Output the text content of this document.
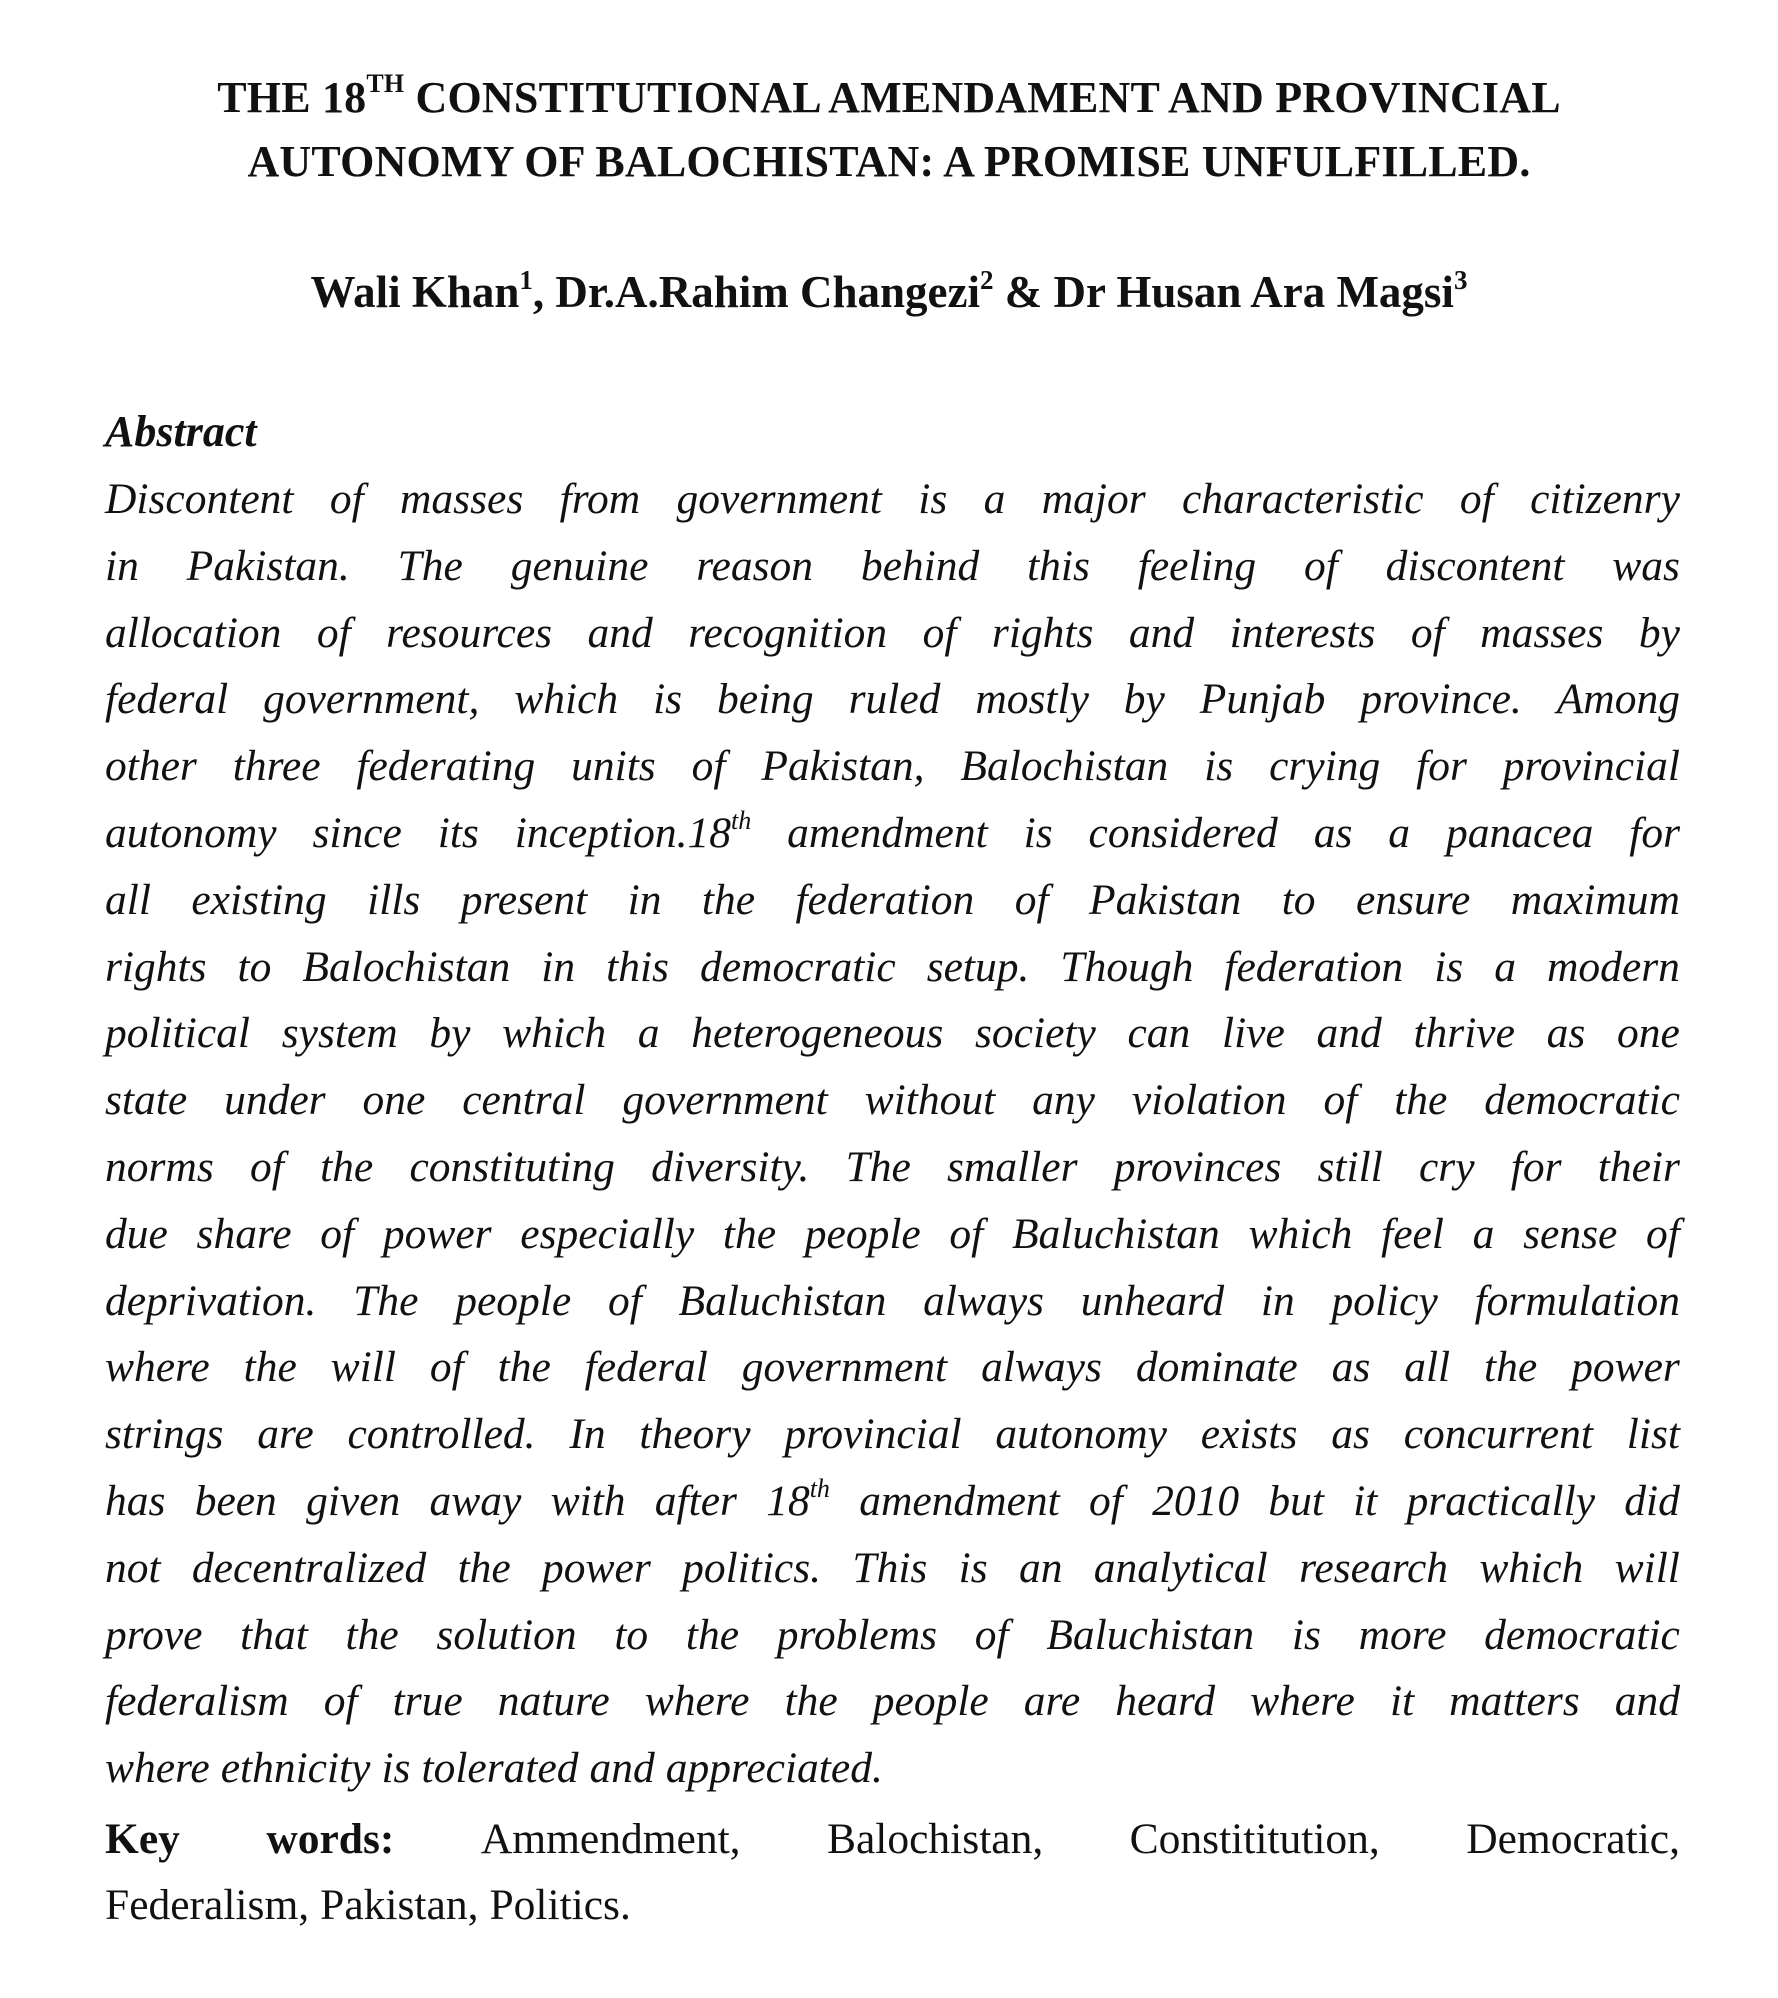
THE 18TH CONSTITUTIONAL AMENDAMENT AND PROVINCIAL
AUTONOMY OF BALOCHISTAN: A PROMISE UNFULFILLED.
Wali Khan$^1$, Dr.A.Rahim Changezi$^2$ & Dr Husan Ara Magsi$^3$
Abstract
Discontent of masses from government is a major characteristic of citizenry
in Pakistan. The genuine reason behind this feeling of discontent was
allocation of resources and recognition of rights and interests of masses by
federal government, which is being ruled mostly by Punjab province. Among
other three federating units of Pakistan, Balochistan is crying for provincial
autonomy since its inception.18th amendment is considered as a panacea for
all existing ills present in the federation of Pakistan to ensure maximum
rights to Balochistan in this democratic setup. Though federation is a modern
political system by which a heterogeneous society can live and thrive as one
state under one central government without any violation of the democratic
norms of the constituting diversity. The smaller provinces still cry for their
due share of power especially the people of Baluchistan which feel a sense of
deprivation. The people of Baluchistan always unheard in policy formulation
where the will of the federal government always dominate as all the power
strings are controlled. In theory provincial autonomy exists as concurrent list
has been given away with after 18th amendment of 2010 but it practically did
not decentralized the power politics. This is an analytical research which will
prove that the solution to the problems of Baluchistan is more democratic
federalism of true nature where the people are heard where it matters and
where ethnicity is tolerated and appreciated.
Key words: Ammendment, Balochistan, Constititution, Democratic,
Federalism, Pakistan, Politics.
